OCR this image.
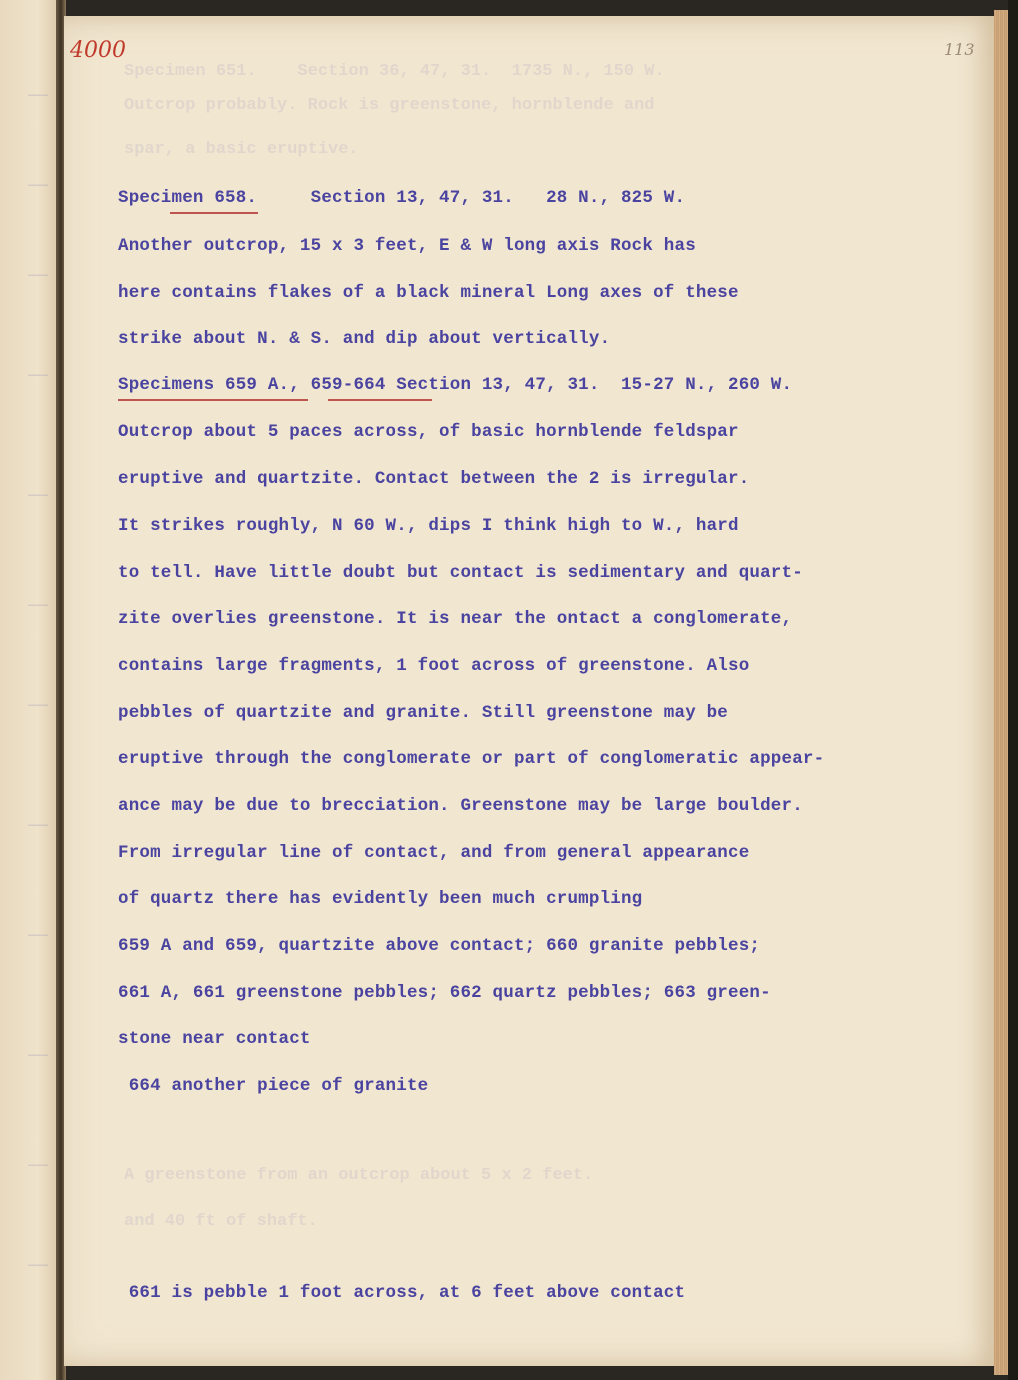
———
———
———
———
———
———
———
———
———
———
———
———
Specimen 651.    Section 36, 47, 31.  1735 N., 150 W.
Outcrop probably. Rock is greenstone, hornblende and
spar, a basic eruptive.
A greenstone from an outcrop about 5 x 2 feet.
and 40 ft of shaft.
4000	113
Specimen 658.     Section 13, 47, 31.   28 N., 825 W.
Another outcrop, 15 x 3 feet, E & W long axis Rock has
here contains flakes of a black mineral Long axes of these
strike about N. & S. and dip about vertically.
Specimens 659 A., 659-664 Section 13, 47, 31.  15-27 N., 260 W.
Outcrop about 5 paces across, of basic hornblende feldspar
eruptive and quartzite. Contact between the 2 is irregular.
It strikes roughly, N 60 W., dips I think high to W., hard
to tell. Have little doubt but contact is sedimentary and quart-
zite overlies greenstone. It is near the ontact a conglomerate,
contains large fragments, 1 foot across of greenstone. Also
pebbles of quartzite and granite. Still greenstone may be
eruptive through the conglomerate or part of conglomeratic appear-
ance may be due to brecciation. Greenstone may be large boulder.
From irregular line of contact, and from general appearance
of quartz there has evidently been much crumpling
659 A and 659, quartzite above contact; 660 granite pebbles;
661 A, 661 greenstone pebbles; 662 quartz pebbles; 663 green-
stone near contact
664 another piece of granite
661 is pebble 1 foot across, at 6 feet above contact
